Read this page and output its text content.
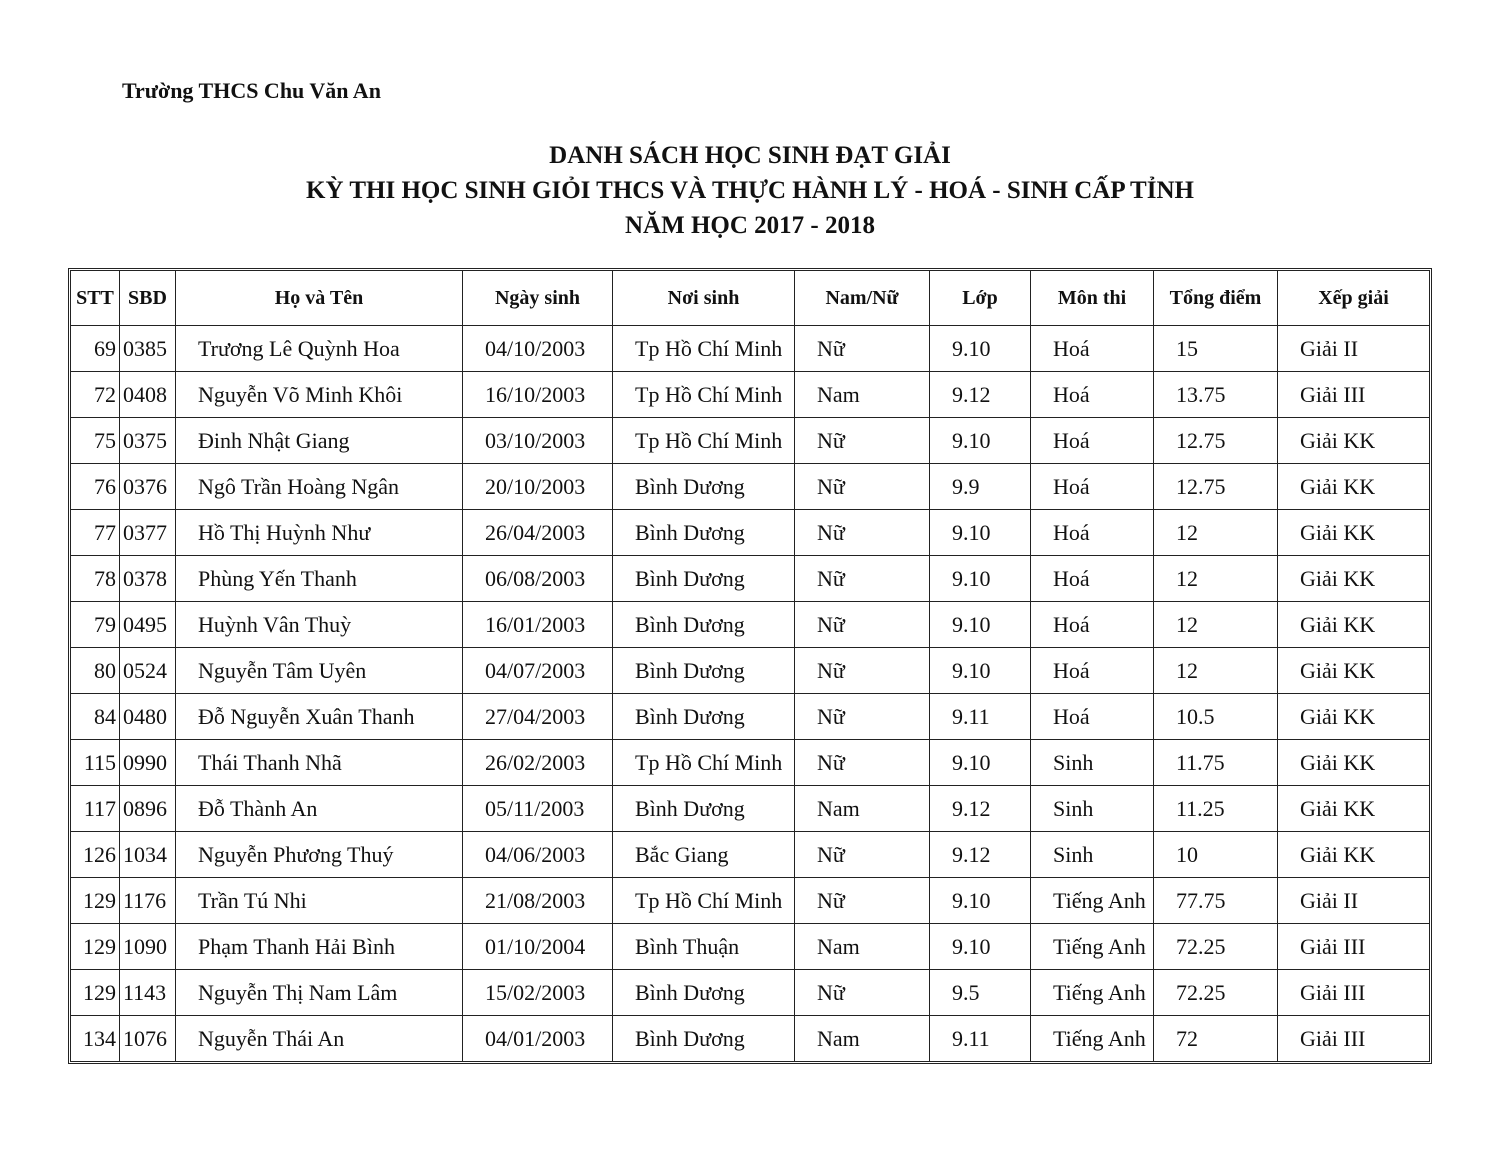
Trường THCS Chu Văn An
DANH SÁCH HỌC SINH ĐẠT GIẢI
KỲ THI HỌC SINH GIỎI THCS VÀ THỰC HÀNH LÝ - HOÁ - SINH CẤP TỈNH
NĂM HỌC 2017 - 2018
STT	SBD	Họ và Tên	Ngày sinh	Nơi sinh	Nam/Nữ	Lớp	Môn thi	Tổng điểm	Xếp giải
69	0385	Trương Lê Quỳnh Hoa	04/10/2003	Tp Hồ Chí Minh	Nữ	9.10	Hoá	15	Giải II
72	0408	Nguyễn Võ Minh Khôi	16/10/2003	Tp Hồ Chí Minh	Nam	9.12	Hoá	13.75	Giải III
75	0375	Đinh Nhật Giang	03/10/2003	Tp Hồ Chí Minh	Nữ	9.10	Hoá	12.75	Giải KK
76	0376	Ngô Trần Hoàng Ngân	20/10/2003	Bình Dương	Nữ	9.9	Hoá	12.75	Giải KK
77	0377	Hồ Thị Huỳnh Như	26/04/2003	Bình Dương	Nữ	9.10	Hoá	12	Giải KK
78	0378	Phùng Yến Thanh	06/08/2003	Bình Dương	Nữ	9.10	Hoá	12	Giải KK
79	0495	Huỳnh Vân Thuỳ	16/01/2003	Bình Dương	Nữ	9.10	Hoá	12	Giải KK
80	0524	Nguyễn Tâm Uyên	04/07/2003	Bình Dương	Nữ	9.10	Hoá	12	Giải KK
84	0480	Đỗ Nguyễn Xuân Thanh	27/04/2003	Bình Dương	Nữ	9.11	Hoá	10.5	Giải KK
115	0990	Thái Thanh Nhã	26/02/2003	Tp Hồ Chí Minh	Nữ	9.10	Sinh	11.75	Giải KK
117	0896	Đỗ Thành An	05/11/2003	Bình Dương	Nam	9.12	Sinh	11.25	Giải KK
126	1034	Nguyễn Phương Thuý	04/06/2003	Bắc Giang	Nữ	9.12	Sinh	10	Giải KK
129	1176	Trần Tú Nhi	21/08/2003	Tp Hồ Chí Minh	Nữ	9.10	Tiếng Anh	77.75	Giải II
129	1090	Phạm Thanh Hải Bình	01/10/2004	Bình Thuận	Nam	9.10	Tiếng Anh	72.25	Giải III
129	1143	Nguyễn Thị Nam Lâm	15/02/2003	Bình Dương	Nữ	9.5	Tiếng Anh	72.25	Giải III
134	1076	Nguyễn Thái An	04/01/2003	Bình Dương	Nam	9.11	Tiếng Anh	72	Giải III
